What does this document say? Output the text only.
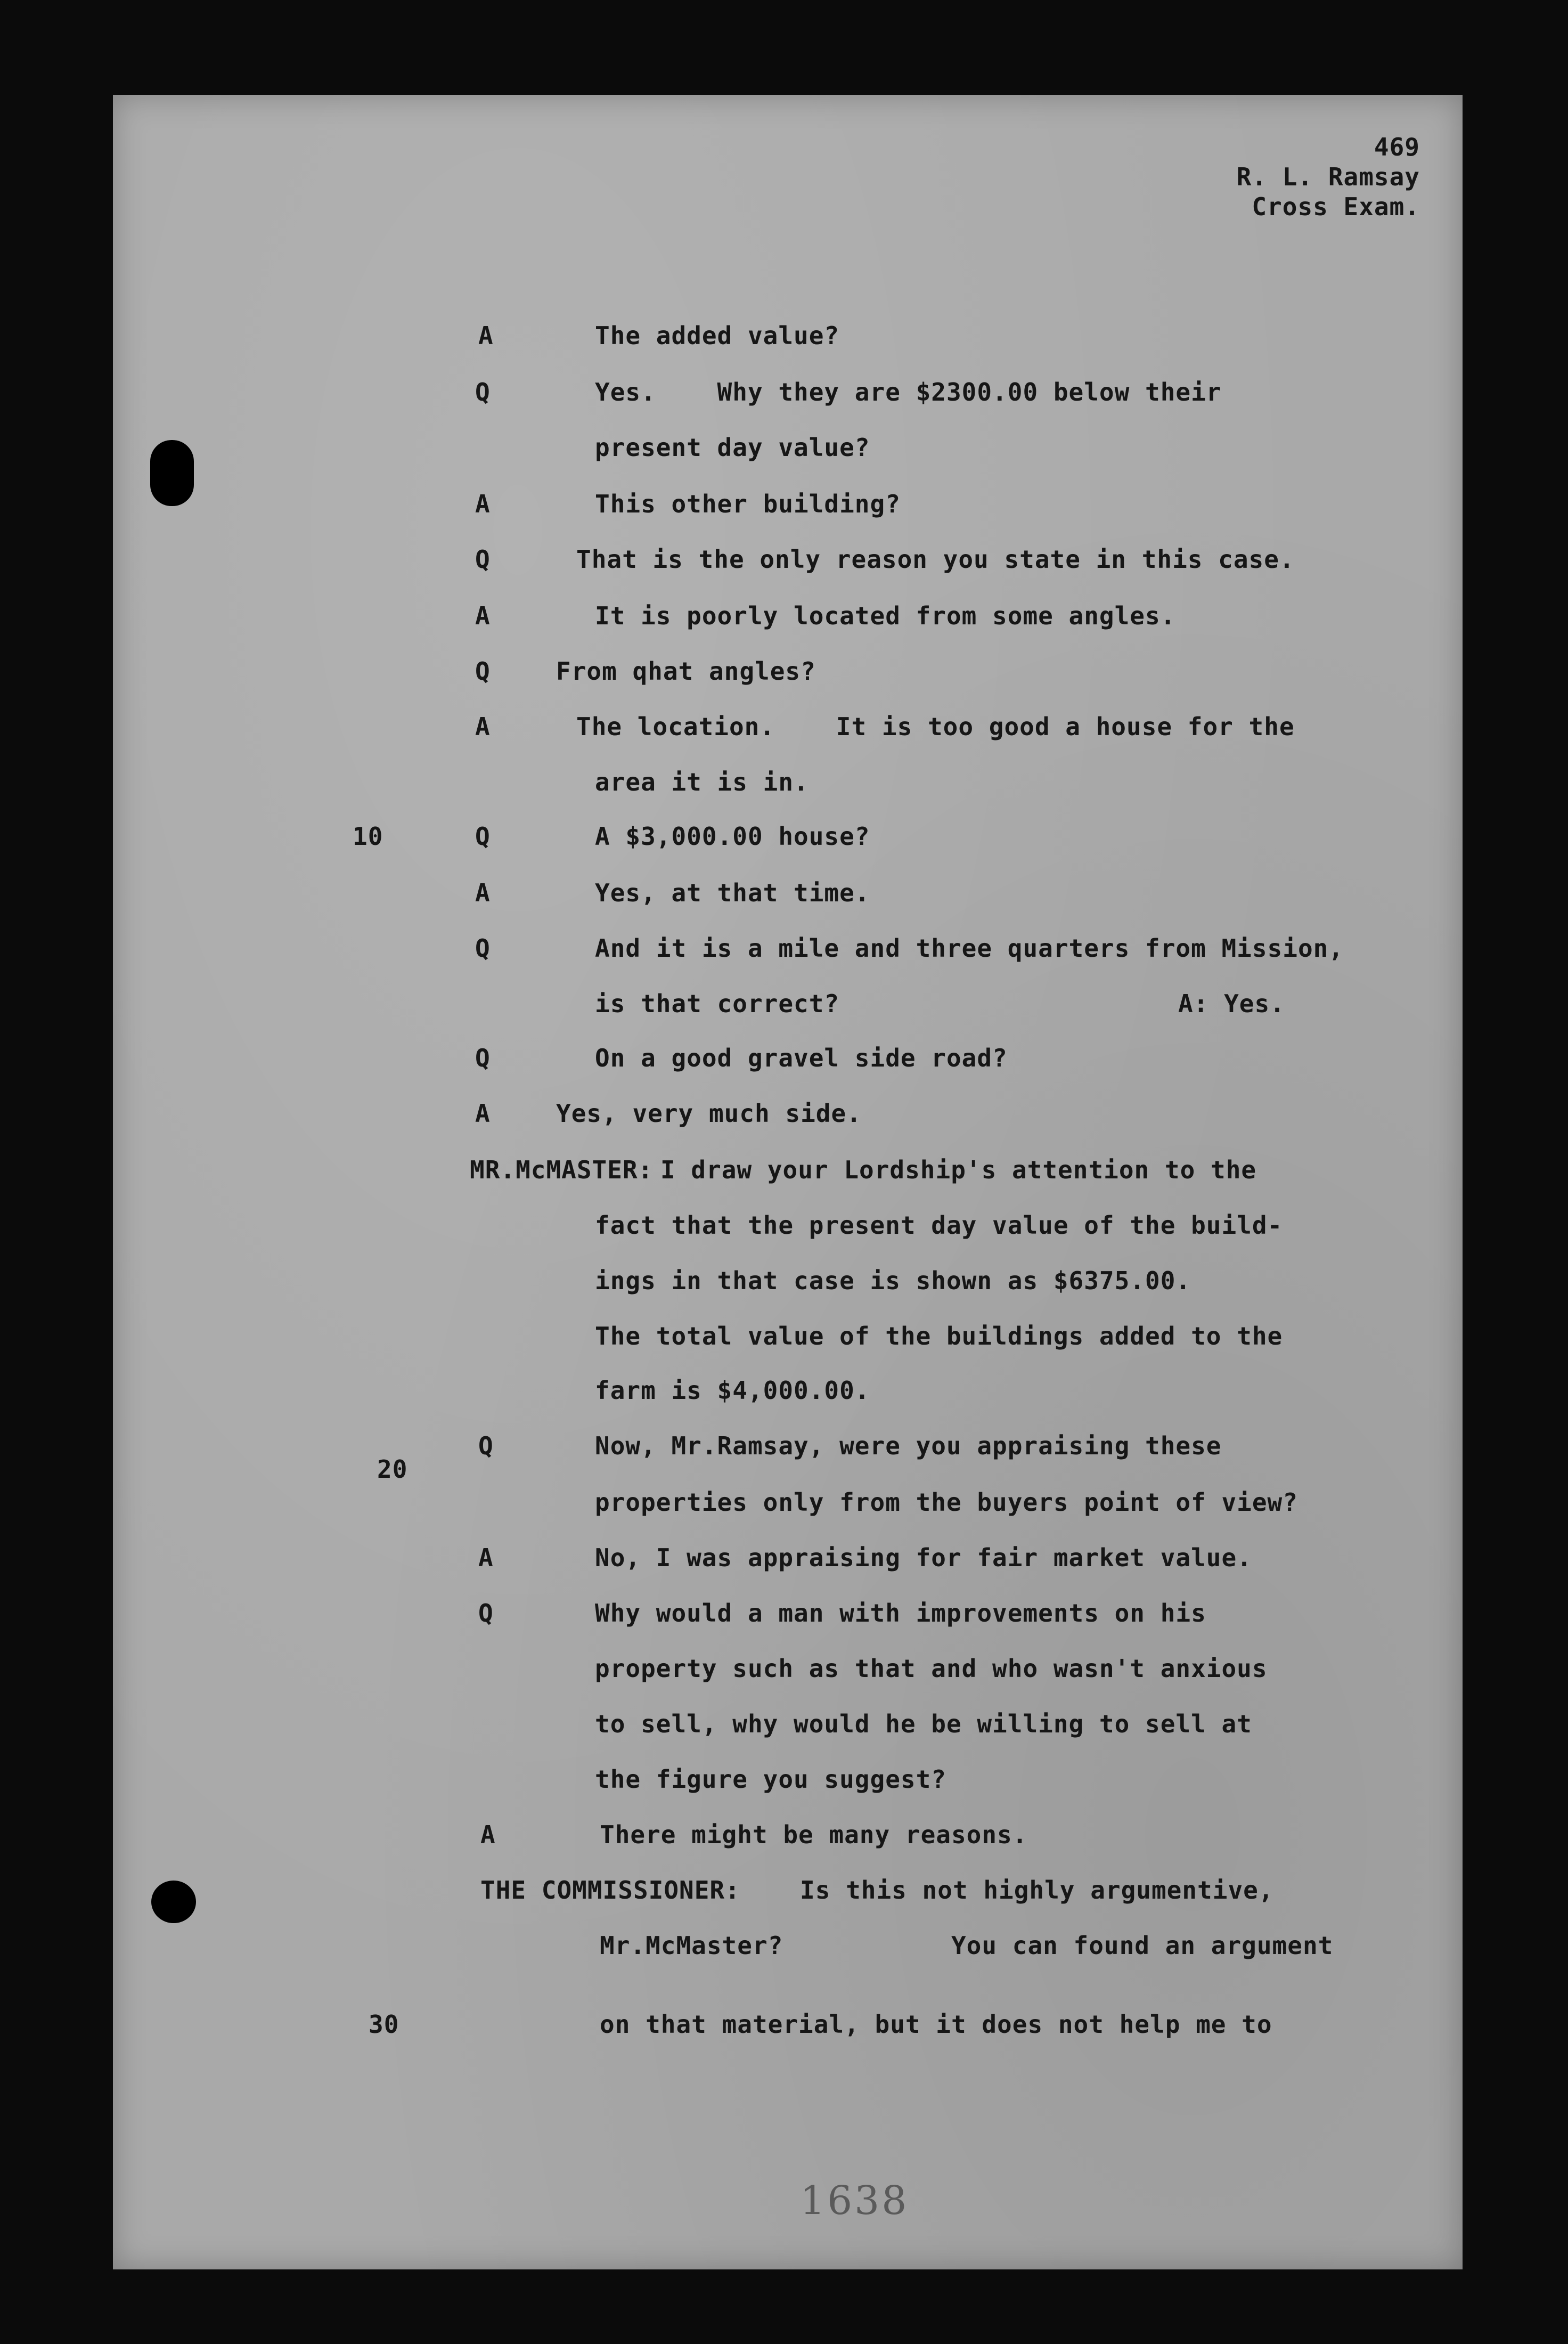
469
R. L. Ramsay
Cross Exam.
10
20
30
A	The added value?
Q	Yes.    Why they are $2300.00 below their
present day value?
A	This other building?
Q	That is the only reason you state in this case.
A	It is poorly located from some angles.
Q	From qhat angles?
A	The location.    It is too good a house for the
area it is in.
Q	A $3,000.00 house?
A	Yes, at that time.
Q	And it is a mile and three quarters from Mission,
is that correct?	A: Yes.
Q	On a good gravel side road?
A	Yes, very much side.
MR.McMASTER: I draw your Lordship's attention to the
fact that the present day value of the build-
ings in that case is shown as $6375.00.
The total value of the buildings added to the
farm is $4,000.00.
Q	Now, Mr.Ramsay, were you appraising these
properties only from the buyers point of view?
A	No, I was appraising for fair market value.
Q	Why would a man with improvements on his
property such as that and who wasn't anxious
to sell, why would he be willing to sell at
the figure you suggest?
A	There might be many reasons.
THE COMMISSIONER: Is this not highly argumentive,
Mr.McMaster?           You can found an argument
on that material, but it does not help me to
1638
